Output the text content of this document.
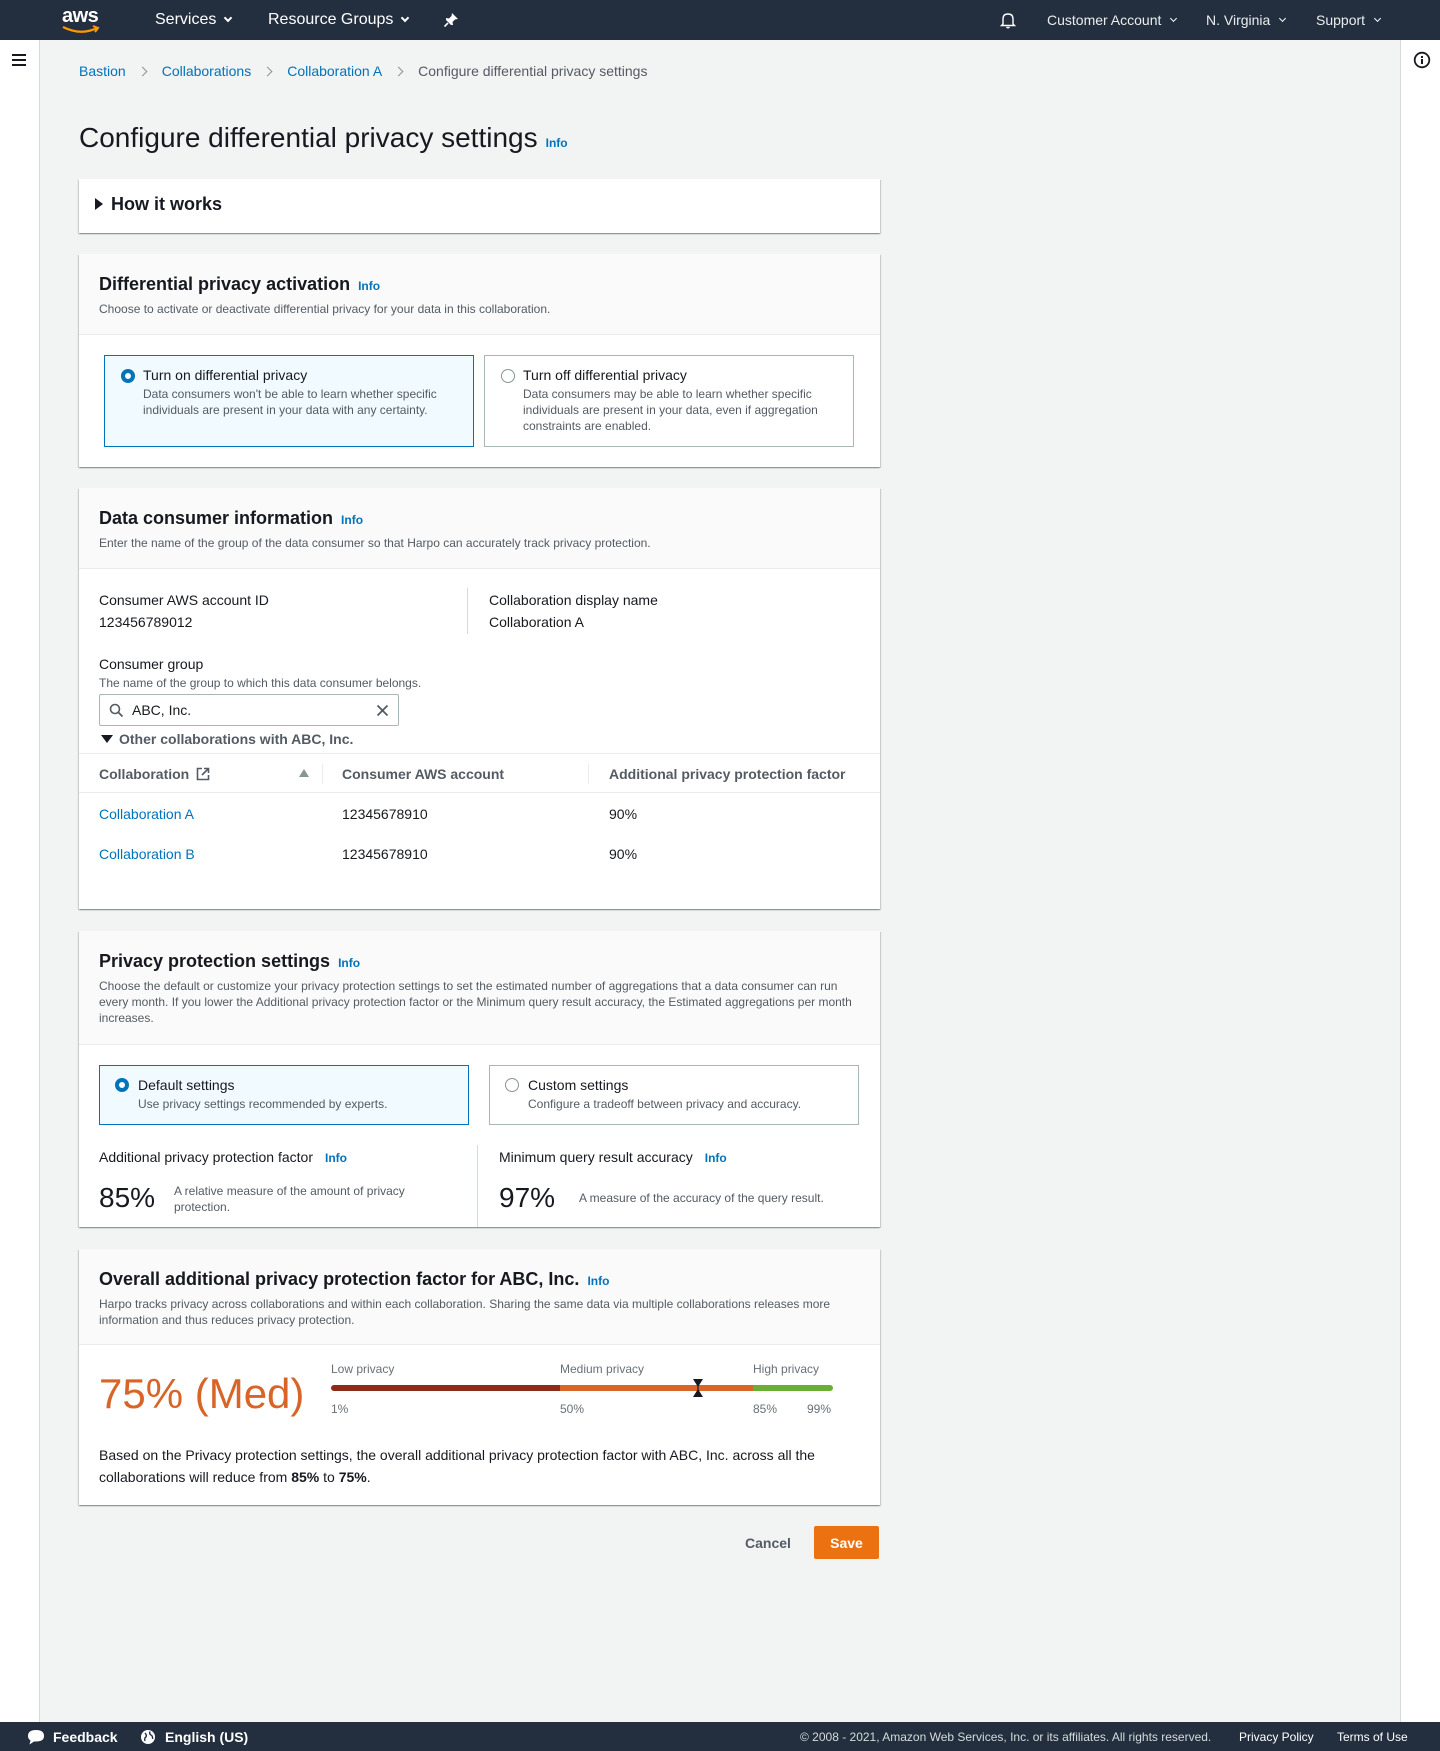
aws	Services	Resource Groups	Customer Account	N. Virginia	Support
Bastion	Collaborations	Collaboration A	Configure differential privacy settings
Configure differential privacy settings Info
How it works
Differential privacy activation Info
Choose to activate or deactivate differential privacy for your data in this collaboration.
Turn on differential privacy
Data consumers won't be able to learn whether specific individuals are present in your data with any certainty.
Turn off differential privacy
Data consumers may be able to learn whether specific individuals are present in your data, even if aggregation constraints are enabled.
Data consumer information Info
Enter the name of the group of the data consumer so that Harpo can accurately track privacy protection.
Consumer AWS account ID
123456789012
Collaboration display name
Collaboration A
Consumer group
The name of the group to which this data consumer belongs.
ABC, Inc.
Other collaborations with ABC, Inc.
Collaboration	Consumer AWS account	Additional privacy protection factor
Collaboration A	12345678910	90%
Collaboration B	12345678910	90%
Privacy protection settings Info
Choose the default or customize your privacy protection settings to set the estimated number of aggregations that a data consumer can run every month. If you lower the Additional privacy protection factor or the Minimum query result accuracy, the Estimated aggregations per month increases.
Default settings
Use privacy settings recommended by experts.
Custom settings
Configure a tradeoff between privacy and accuracy.
Additional privacy protection factor Info
85% A relative measure of the amount of privacy protection.
Minimum query result accuracy Info
97% A measure of the accuracy of the query result.
Overall additional privacy protection factor for ABC, Inc. Info
Harpo tracks privacy across collaborations and within each collaboration. Sharing the same data via multiple collaborations releases more information and thus reduces privacy protection.
75% (Med)
Low privacy	Medium privacy	High privacy
1%	50%	85% 99%
Based on the Privacy protection settings, the overall additional privacy protection factor with ABC, Inc. across all the collaborations will reduce from 85% to 75%.
Cancel	Save
Feedback	English (US)	© 2008 - 2021, Amazon Web Services, Inc. or its affiliates. All rights reserved. Privacy Policy Terms of Use
